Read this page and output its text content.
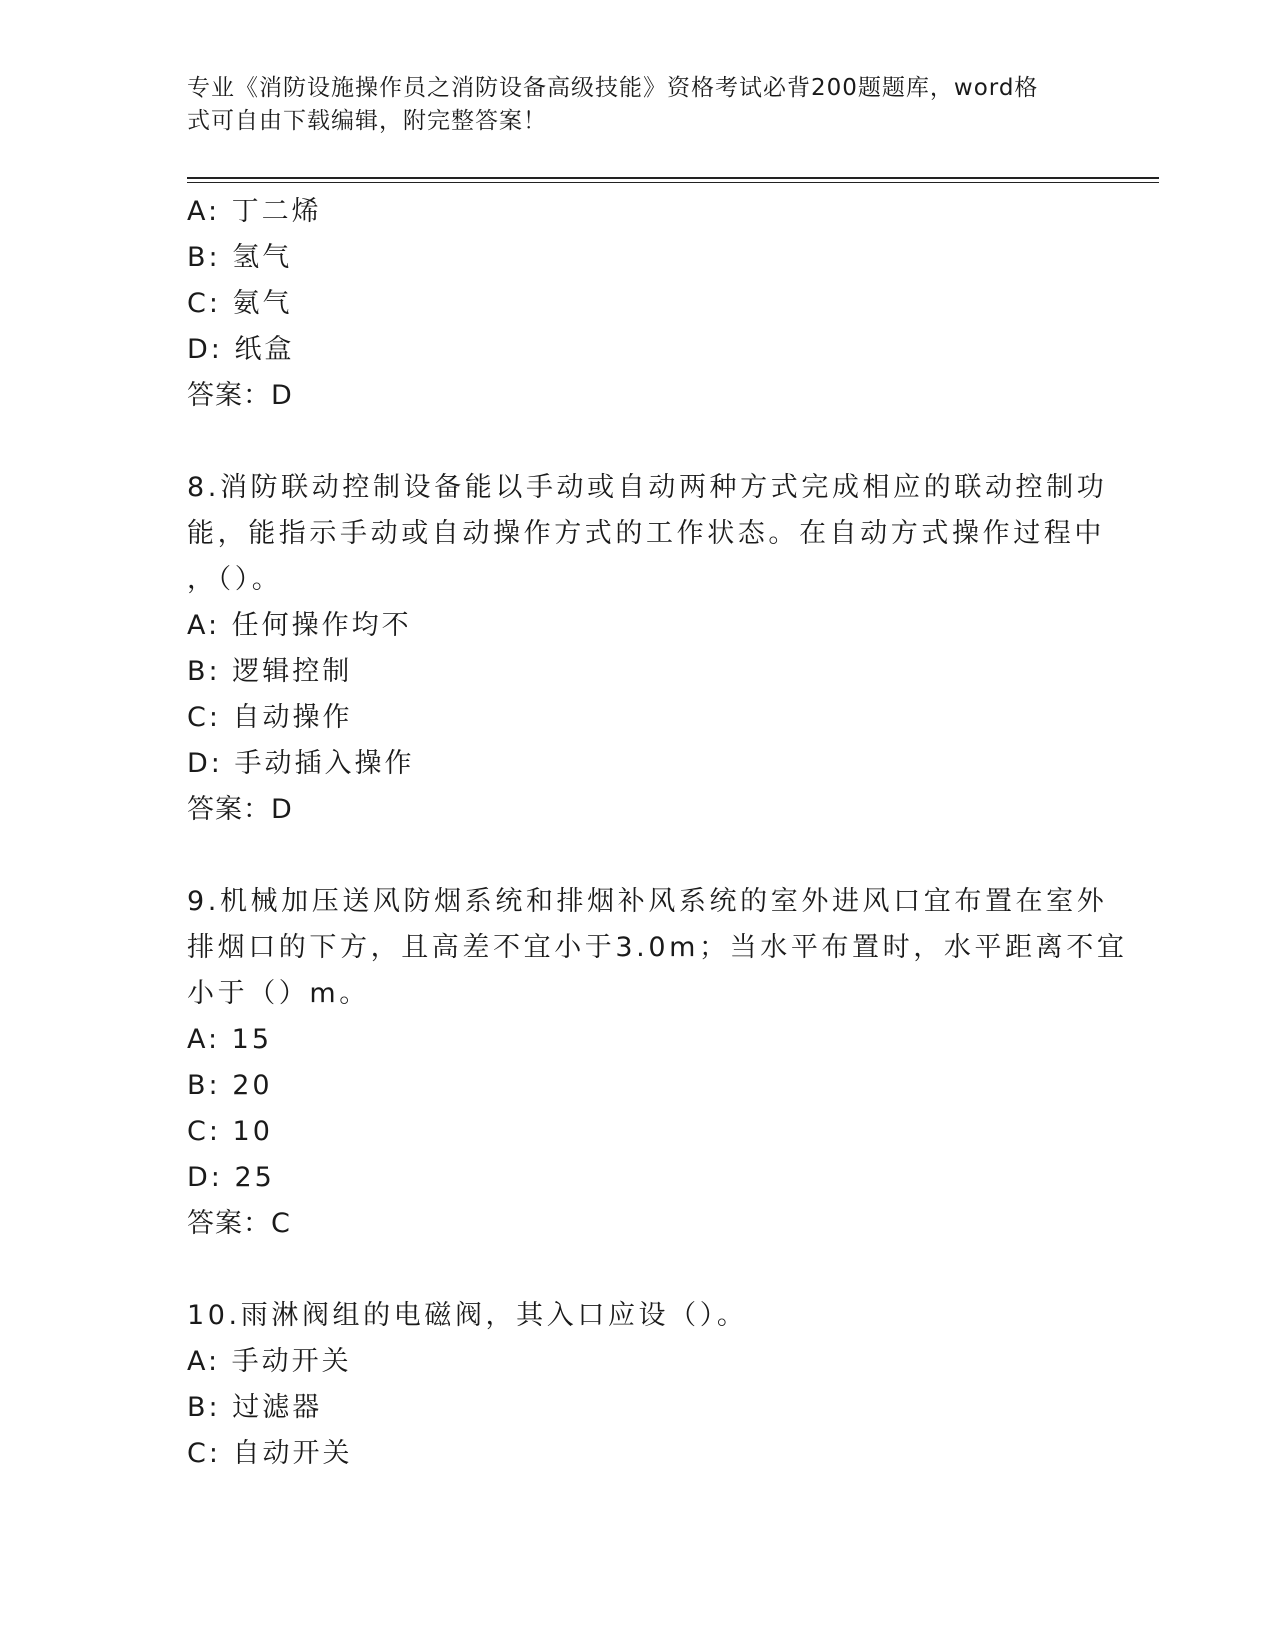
专业《消防设施操作员之消防设备高级技能》资格考试必背200题题库，word格
式可自由下载编辑，附完整答案！
A: 丁二烯
B: 氢气
C: 氨气
D: 纸盒
答案：D
8.消防联动控制设备能以手动或自动两种方式完成相应的联动控制功
能，能指示手动或自动操作方式的工作状态。在自动方式操作过程中
，（）。
A: 任何操作均不
B: 逻辑控制
C: 自动操作
D: 手动插入操作
答案：D
9.机械加压送风防烟系统和排烟补风系统的室外进风口宜布置在室外
排烟口的下方，且高差不宜小于3.0m；当水平布置时，水平距离不宜
小于（）m。
A: 15
B: 20
C: 10
D: 25
答案：C
10.雨淋阀组的电磁阀，其入口应设（）。
A: 手动开关
B: 过滤器
C: 自动开关
